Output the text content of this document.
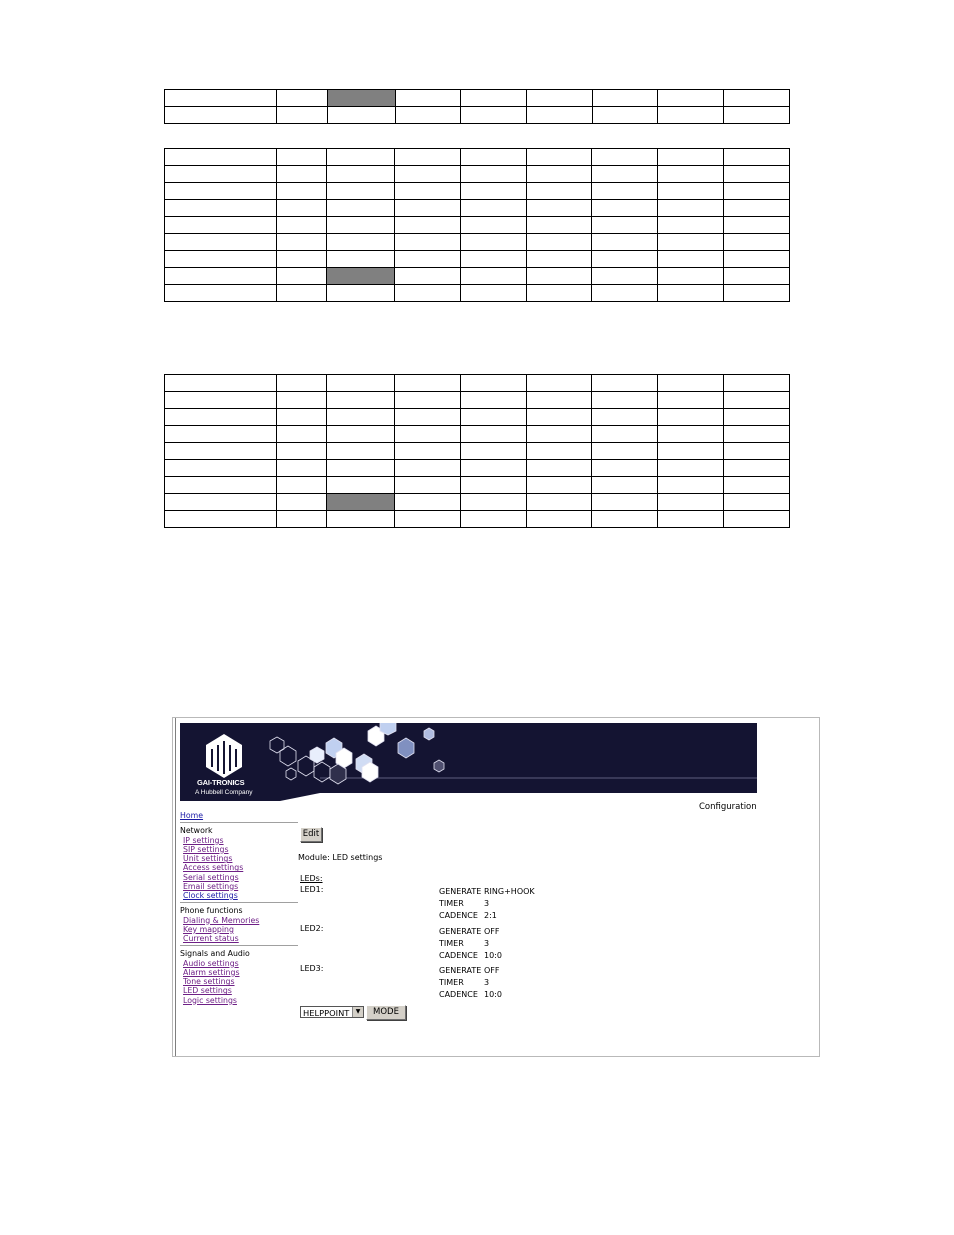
GAI-TRONICS
A Hubbell Company
Configuration
Home
Network
IP settings
SIP settings
Unit settings
Access settings
Serial settings
Email settings
Clock settings
Phone functions
Dialing & Memories
Key mapping
Current status
Signals and Audio
Audio settings
Alarm settings
Tone settings
LED settings
Logic settings
Edit
Module: LED settings
LEDs:
LED1:	GENERATE RING+HOOK
TIMER	3
CADENCE 2:1
LED2:	GENERATE OFF
TIMER	3
CADENCE 10:0
LED3:	GENERATE OFF
TIMER	3
CADENCE 10:0
HELPPOINT	▼	MODE
